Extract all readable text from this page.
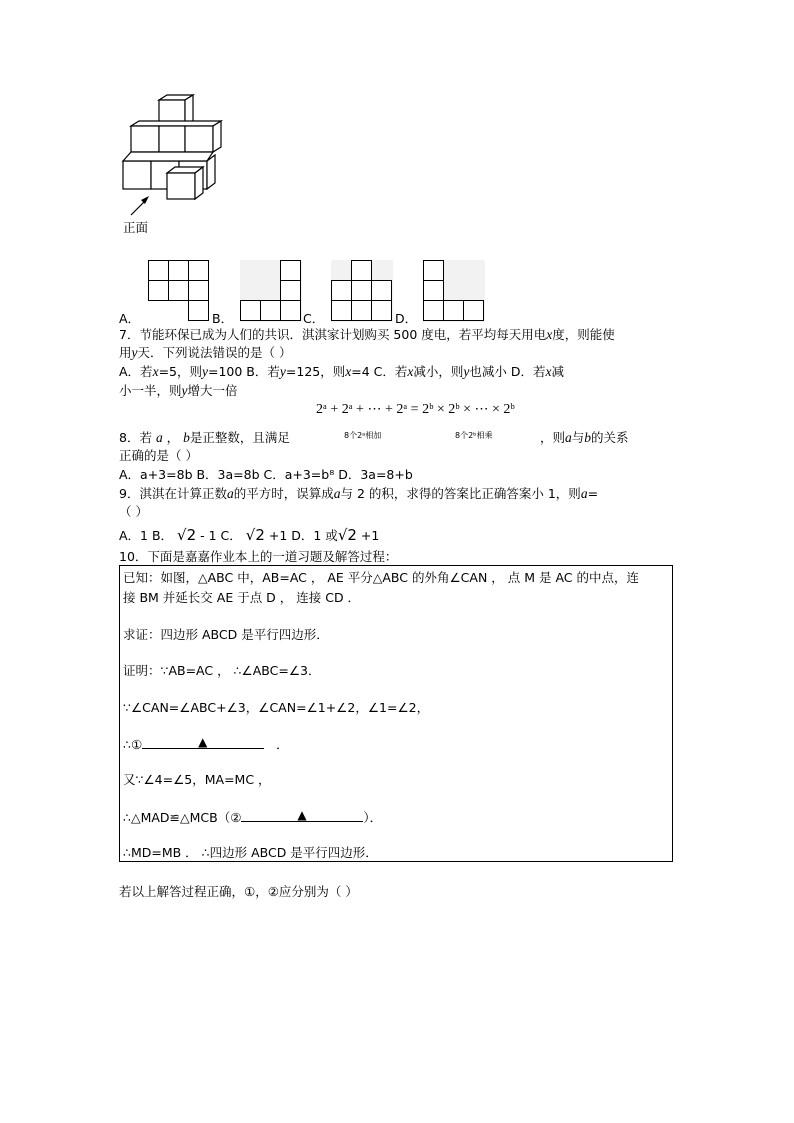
正面
A．	B．	C．	D．
7．节能环保已成为人们的共识．淇淇家计划购买 500 度电，若平均每天用电x度，则能使
用y天．下列说法错误的是（ ）
A．若x=5，则y=100 B．若y=125，则x=4 C．若x减小，则y也减小 D．若x减
小一半，则y增大一倍
2ᵃ + 2ᵃ + ⋯ + 2ᵃ = 2ᵇ × 2ᵇ × ⋯ × 2ᵇ
8个2ᵃ相加	8个2ᵇ相乘
8．若 a ， b是正整数，且满足	，则a与b的关系
正确的是（ ）
A．a+3=8b B．3a=8b C．a+3=b⁸ D．3a=8+b
9．淇淇在计算正数a的平方时，误算成a与 2 的积，求得的答案比正确答案小 1，则a=
（ ）
A．1 B． √2 - 1 C． √2 +1 D．1 或√2 +1
10．下面是嘉嘉作业本上的一道习题及解答过程：
已知：如图，△ABC 中，AB=AC ， AE 平分△ABC 的外角∠CAN ， 点 M 是 AC 的中点，连
接 BM 并延长交 AE 于点 D ， 连接 CD ．
求证：四边形 ABCD 是平行四边形．
证明：∵AB=AC ， ∴∠ABC=∠3．
∵∠CAN=∠ABC+∠3，∠CAN=∠1+∠2，∠1=∠2，
∴①	▲	．
又∵∠4=∠5，MA=MC ，
∴△MAD≌△MCB（②	▲	）．
∴MD=MB ． ∴四边形 ABCD 是平行四边形．
若以上解答过程正确，①，②应分别为（ ）
